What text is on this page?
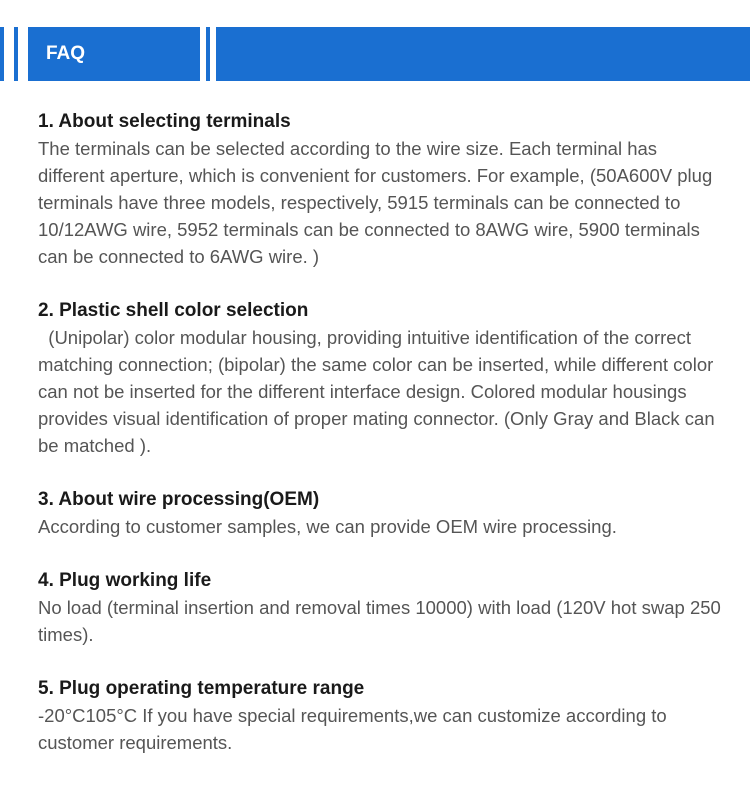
FAQ

1. About selecting terminals

The terminals can be selected according to the wire size. Each terminal has different aperture, which is convenient for customers. For example, (50A600V plug terminals have three models, respectively, 5915 terminals can be connected to 10/12AWG wire, 5952 terminals can be connected to 8AWG wire, 5900 terminals can be connected to 6AWG wire. )

2. Plastic shell color selection

(Unipolar) color modular housing, providing intuitive identification of the correct matching connection; (bipolar) the same color can be inserted, while different color can not be inserted for the different interface design. Colored modular housings provides visual identification of proper mating connector. (Only Gray and Black can be matched ).

3. About wire processing(OEM)

According to customer samples, we can provide OEM wire processing.

4. Plug working life

No load (terminal insertion and removal times 10000) with load (120V hot swap 250 times).

5. Plug operating temperature range

-20°C105°C If you have special requirements,we can customize according to customer requirements.
